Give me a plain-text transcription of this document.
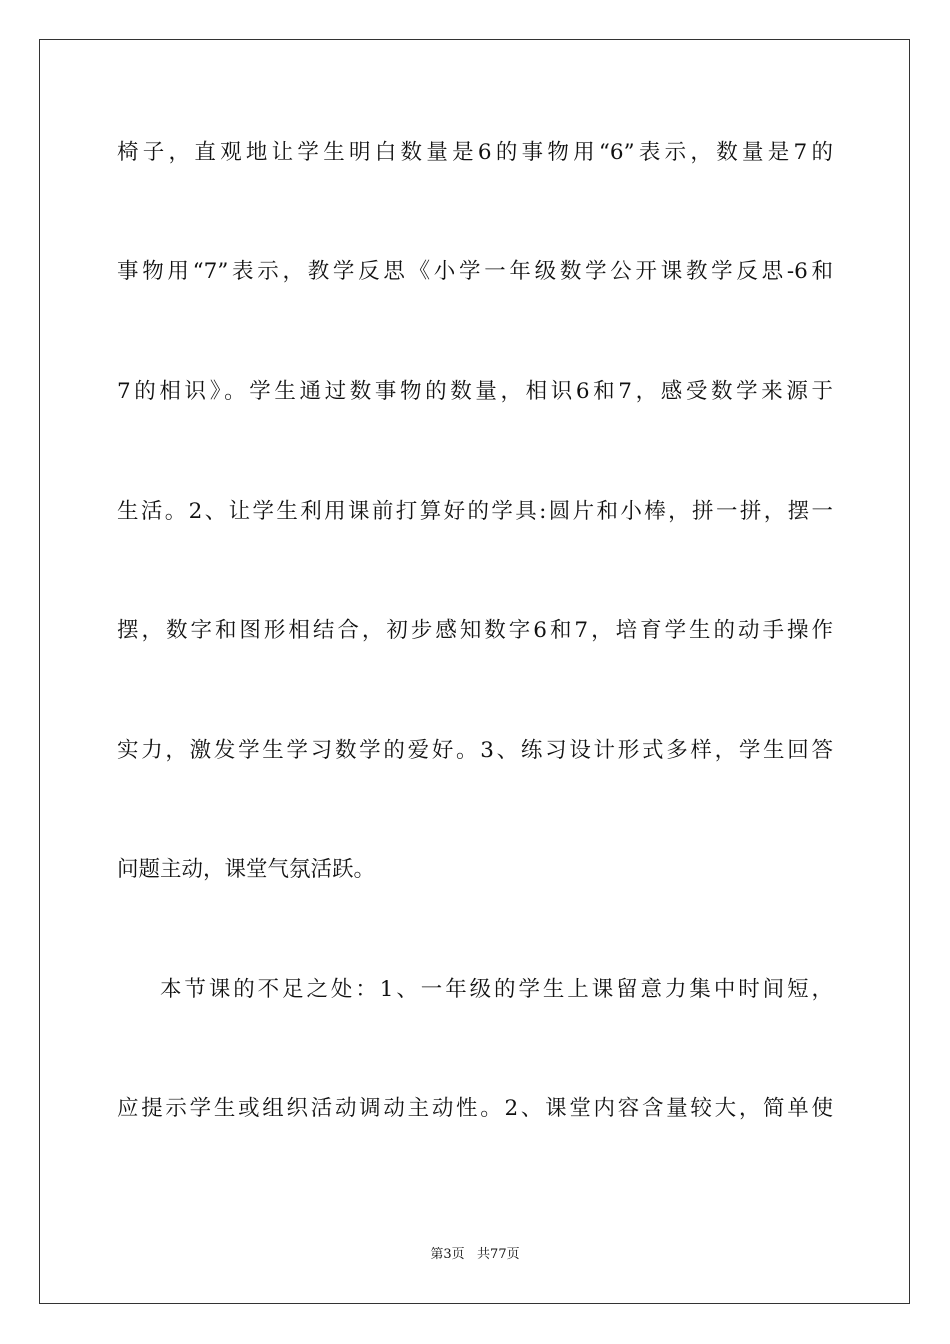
椅子，直观地让学生明白数量是6的事物用“6”表示，数量是7的
事物用“7”表示，教学反思《小学一年级数学公开课教学反思-6和
7的相识》。学生通过数事物的数量，相识6和7，感受数学来源于
生活。2、让学生利用课前打算好的学具:圆片和小棒，拼一拼，摆一
摆，数字和图形相结合，初步感知数字6和7，培育学生的动手操作
实力，激发学生学习数学的爱好。3、练习设计形式多样，学生回答
问题主动，课堂气氛活跃。
本节课的不足之处：1、一年级的学生上课留意力集中时间短，
应提示学生或组织活动调动主动性。2、课堂内容含量较大，简单使
第3页   共77页
